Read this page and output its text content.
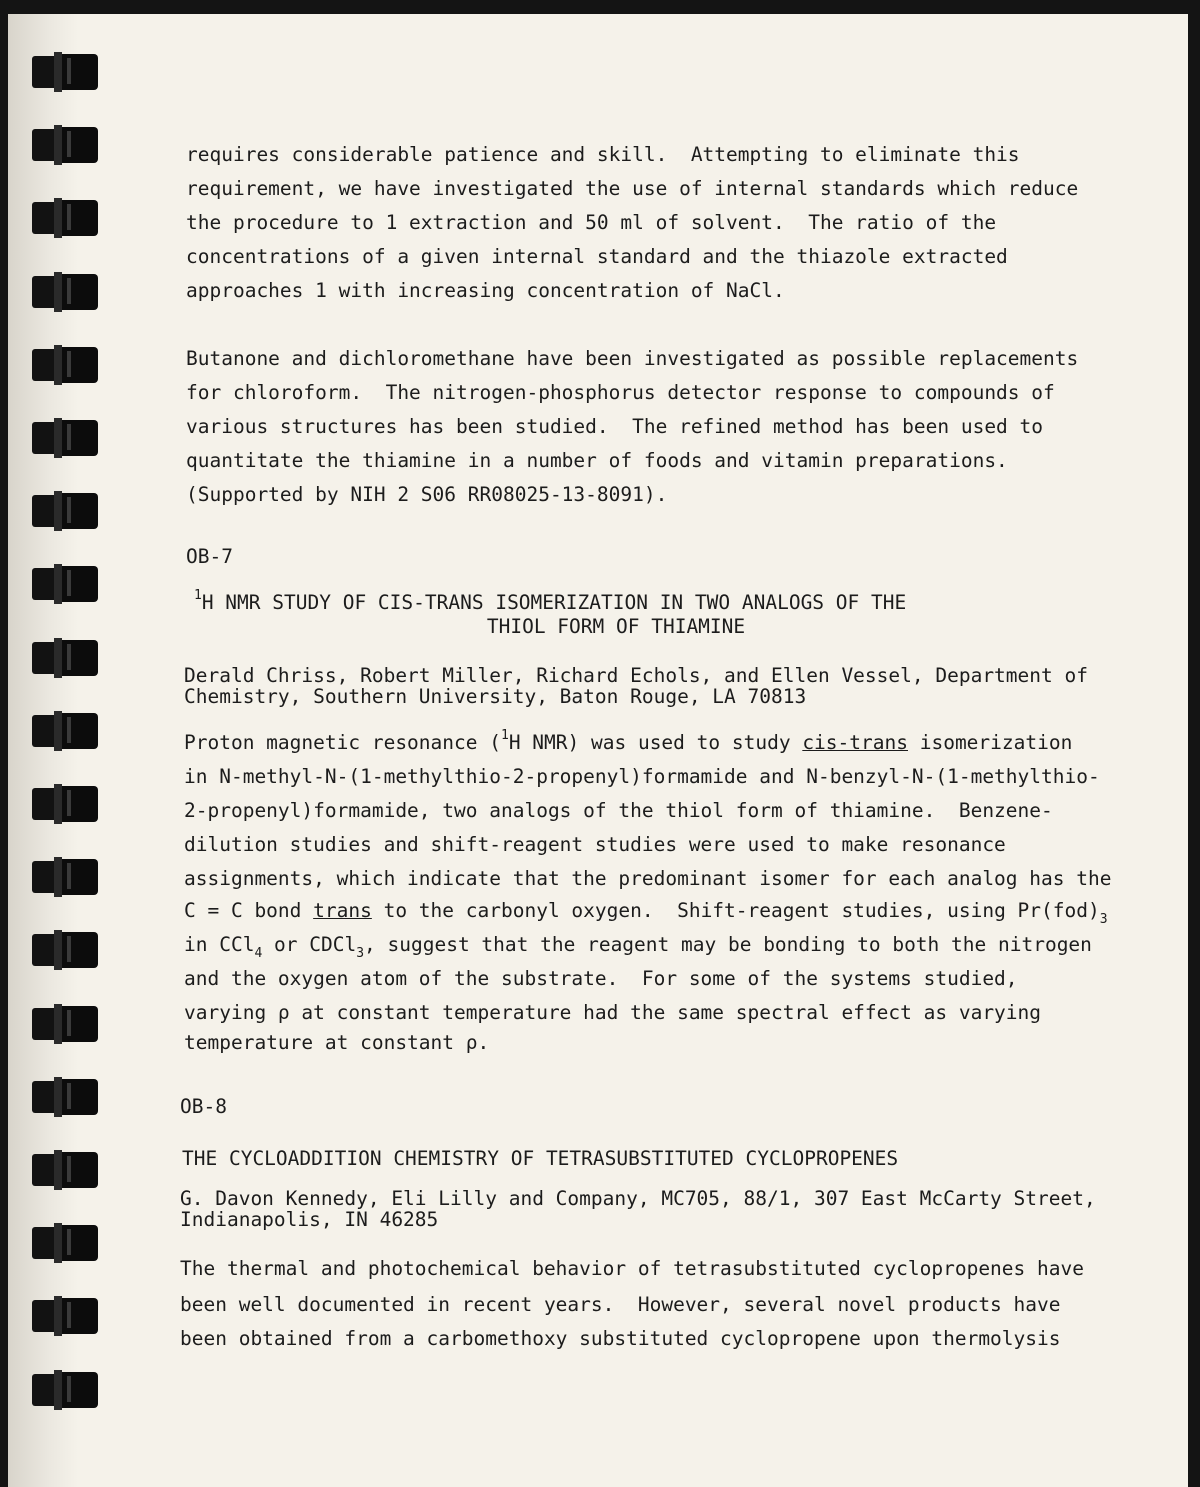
requires considerable patience and skill.  Attempting to eliminate this
requirement, we have investigated the use of internal standards which reduce
the procedure to 1 extraction and 50 ml of solvent.  The ratio of the
concentrations of a given internal standard and the thiazole extracted
approaches 1 with increasing concentration of NaCl.
Butanone and dichloromethane have been investigated as possible replacements
for chloroform.  The nitrogen-phosphorus detector response to compounds of
various structures has been studied.  The refined method has been used to
quantitate the thiamine in a number of foods and vitamin preparations.
(Supported by NIH 2 S06 RR08025-13-8091).
OB-7
$^1$H NMR STUDY OF CIS-TRANS ISOMERIZATION IN TWO ANALOGS OF THE
THIOL FORM OF THIAMINE
Derald Chriss, Robert Miller, Richard Echols, and Ellen Vessel, Department of
Chemistry, Southern University, Baton Rouge, LA 70813
Proton magnetic resonance ($^1$H NMR) was used to study cis-trans isomerization
in N-methyl-N-(1-methylthio-2-propenyl)formamide and N-benzyl-N-(1-methylthio-
2-propenyl)formamide, two analogs of the thiol form of thiamine.  Benzene-
dilution studies and shift-reagent studies were used to make resonance
assignments, which indicate that the predominant isomer for each analog has the
C = C bond trans to the carbonyl oxygen.  Shift-reagent studies, using $Pr(fod)_3$
in CCl$_4$ or CDCl$_3$, suggest that the reagent may be bonding to both the nitrogen
and the oxygen atom of the substrate.  For some of the systems studied,
varying ρ at constant temperature had the same spectral effect as varying
temperature at constant ρ.
OB-8
THE CYCLOADDITION CHEMISTRY OF TETRASUBSTITUTED CYCLOPROPENES
G. Davon Kennedy, Eli Lilly and Company, MC705, 88/1, 307 East McCarty Street,
Indianapolis, IN 46285
The thermal and photochemical behavior of tetrasubstituted cyclopropenes have
been well documented in recent years.  However, several novel products have
been obtained from a carbomethoxy substituted cyclopropene upon thermolysis
